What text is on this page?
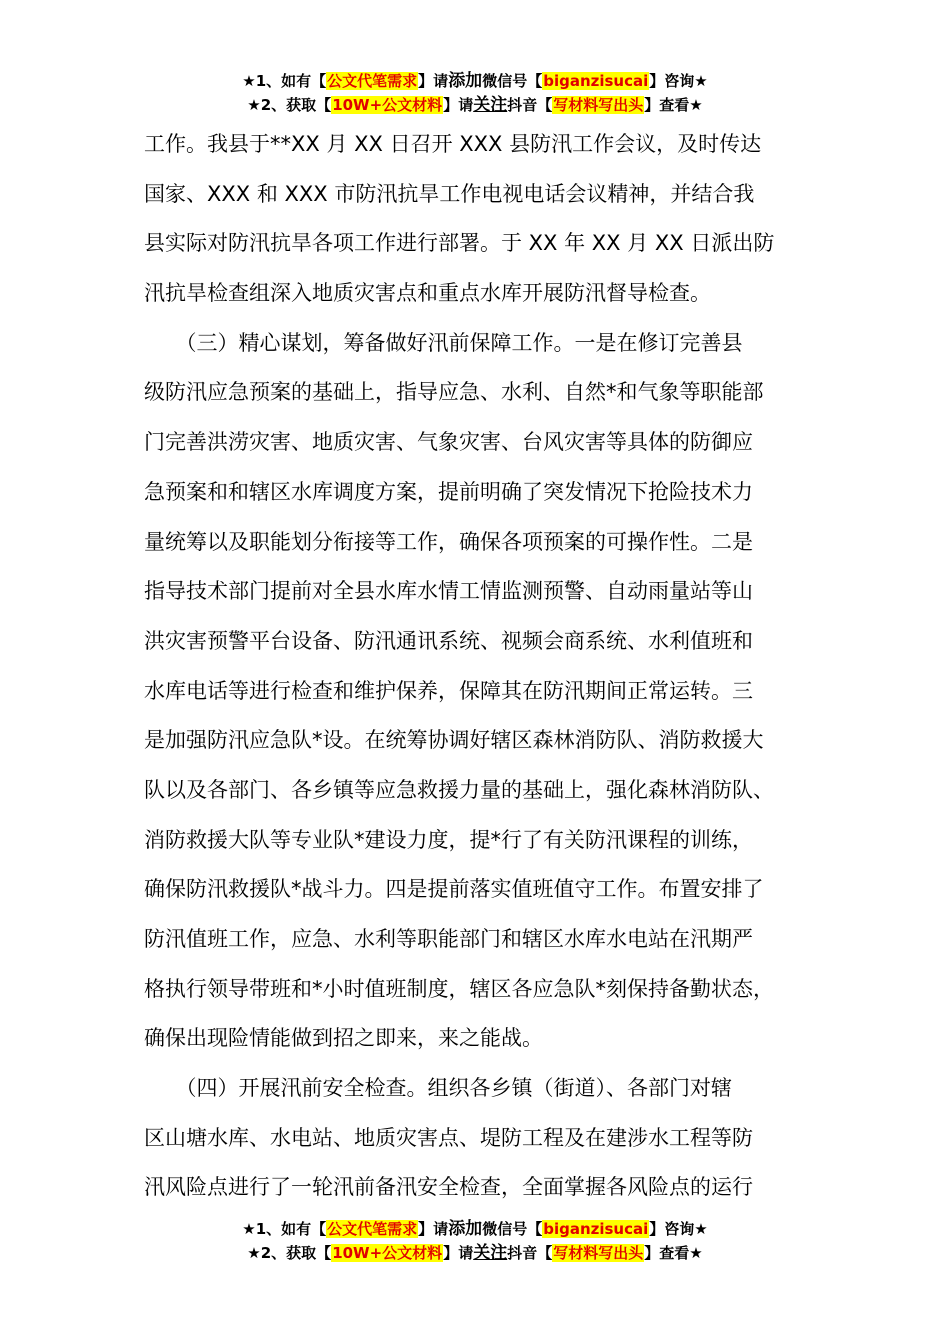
★1、如有【公文代笔需求】请添加微信号【biganzisucai】咨询★
★2、获取【10W+公文材料】请关注抖音【写材料写出头】查看★
工作。我县于**XX 月 XX 日召开 XXX 县防汛工作会议，及时传达
国家、XXX 和 XXX 市防汛抗旱工作电视电话会议精神，并结合我
县实际对防汛抗旱各项工作进行部署。于 XX 年 XX 月 XX 日派出防
汛抗旱检查组深入地质灾害点和重点水库开展防汛督导检查。
　　（三）精心谋划，筹备做好汛前保障工作。一是在修订完善县
级防汛应急预案的基础上，指导应急、水利、自然*和气象等职能部
门完善洪涝灾害、地质灾害、气象灾害、台风灾害等具体的防御应
急预案和和辖区水库调度方案，提前明确了突发情况下抢险技术力
量统筹以及职能划分衔接等工作，确保各项预案的可操作性。二是
指导技术部门提前对全县水库水情工情监测预警、自动雨量站等山
洪灾害预警平台设备、防汛通讯系统、视频会商系统、水利值班和
水库电话等进行检查和维护保养，保障其在防汛期间正常运转。三
是加强防汛应急队*设。在统筹协调好辖区森林消防队、消防救援大
队以及各部门、各乡镇等应急救援力量的基础上，强化森林消防队、
消防救援大队等专业队*建设力度，提*行了有关防汛课程的训练，
确保防汛救援队*战斗力。四是提前落实值班值守工作。布置安排了
防汛值班工作，应急、水利等职能部门和辖区水库水电站在汛期严
格执行领导带班和*小时值班制度，辖区各应急队*刻保持备勤状态，
确保出现险情能做到招之即来，来之能战。
　　（四）开展汛前安全检查。组织各乡镇（街道）、各部门对辖
区山塘水库、水电站、地质灾害点、堤防工程及在建涉水工程等防
汛风险点进行了一轮汛前备汛安全检查，全面掌握各风险点的运行
★1、如有【公文代笔需求】请添加微信号【biganzisucai】咨询★
★2、获取【10W+公文材料】请关注抖音【写材料写出头】查看★
